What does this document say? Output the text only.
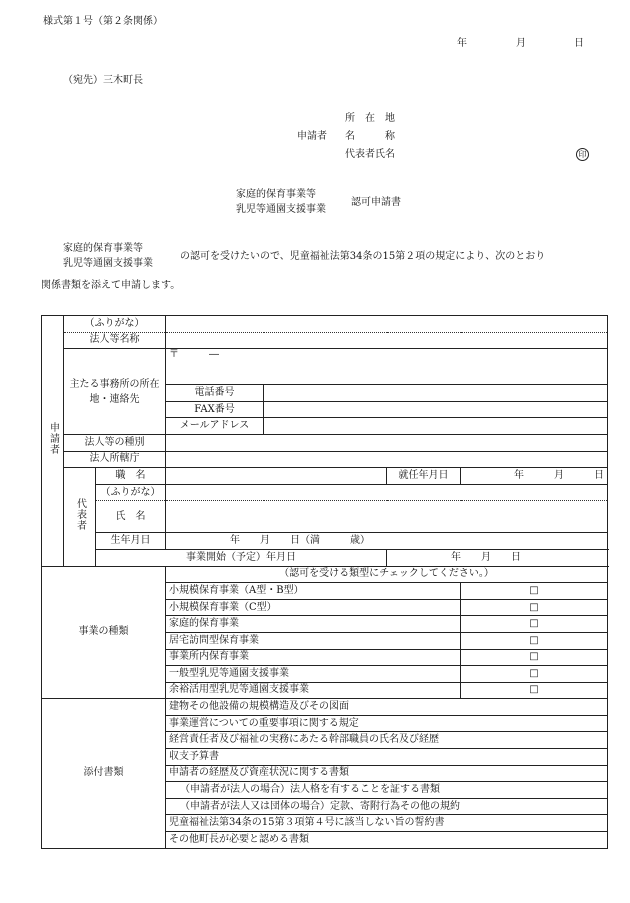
様式第１号（第２条関係）
年	月	日
（宛先）三木町長
所　在　地
申請者 名　　　称
代表者氏名	印
家庭的保育事業等
乳児等通園支援事業
認可申請書
家庭的保育事業等
乳児等通園支援事業
の認可を受けたいので、児童福祉法第34条の15第２項の規定により、次のとおり
関係書類を添えて申請します。
申請者	（ふりがな）					
	法人等名称					
	主たる事務所の所在地・連絡先		〒　　　―			

			電話番号			
			FAX番号			
			メールアドレス			
	法人等の種別					
	法人所轄庁					
	代表者	職　名			就任年月日	年　　　月　　　日
		（ふりがな）				
		氏　名				

		生年月日	年　　月　　日（満　　　歳）			
		事業開始（予定）年月日			年　　月　　日	
事業の種類			（認可を受ける類型にチェックしてください。）			
			小規模保育事業（A型・B型）			□
			小規模保育事業（C型）			□
			家庭的保育事業			□
			居宅訪問型保育事業			□
			事業所内保育事業			□
			一般型乳児等通園支援事業			□
			余裕活用型乳児等通園支援事業			□
添付書類			建物その他設備の規模構造及びその図面			
			事業運営についての重要事項に関する規定			
			経営責任者及び福祉の実務にあたる幹部職員の氏名及び経歴			
			収支予算書			
			申請者の経歴及び資産状況に関する書類			
			（申請者が法人の場合）法人格を有することを証する書類			
			（申請者が法人又は団体の場合）定款、寄附行為その他の規約			
			児童福祉法第34条の15第３項第４号に該当しない旨の誓約書			
			その他町長が必要と認める書類			
